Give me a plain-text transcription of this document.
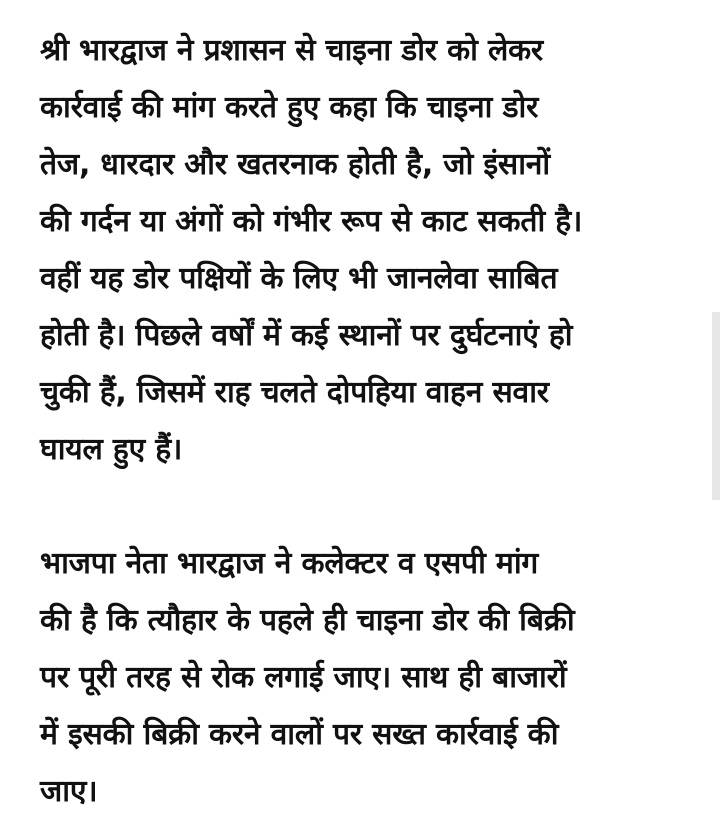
श्री भारद्वाज ने प्रशासन से चाइना डोर को लेकर
कार्रवाई की मांग करते हुए कहा कि चाइना डोर
तेज, धारदार और खतरनाक होती है, जो इंसानों
की गर्दन या अंगों को गंभीर रूप से काट सकती है।
वहीं यह डोर पक्षियों के लिए भी जानलेवा साबित
होती है। पिछले वर्षों में कई स्थानों पर दुर्घटनाएं हो
चुकी हैं, जिसमें राह चलते दोपहिया वाहन सवार
घायल हुए हैं।
भाजपा नेता भारद्वाज ने कलेक्टर व एसपी मांग
की है कि त्यौहार के पहले ही चाइना डोर की बिक्री
पर पूरी तरह से रोक लगाई जाए। साथ ही बाजारों
में इसकी बिक्री करने वालों पर सख्त कार्रवाई की
जाए।
